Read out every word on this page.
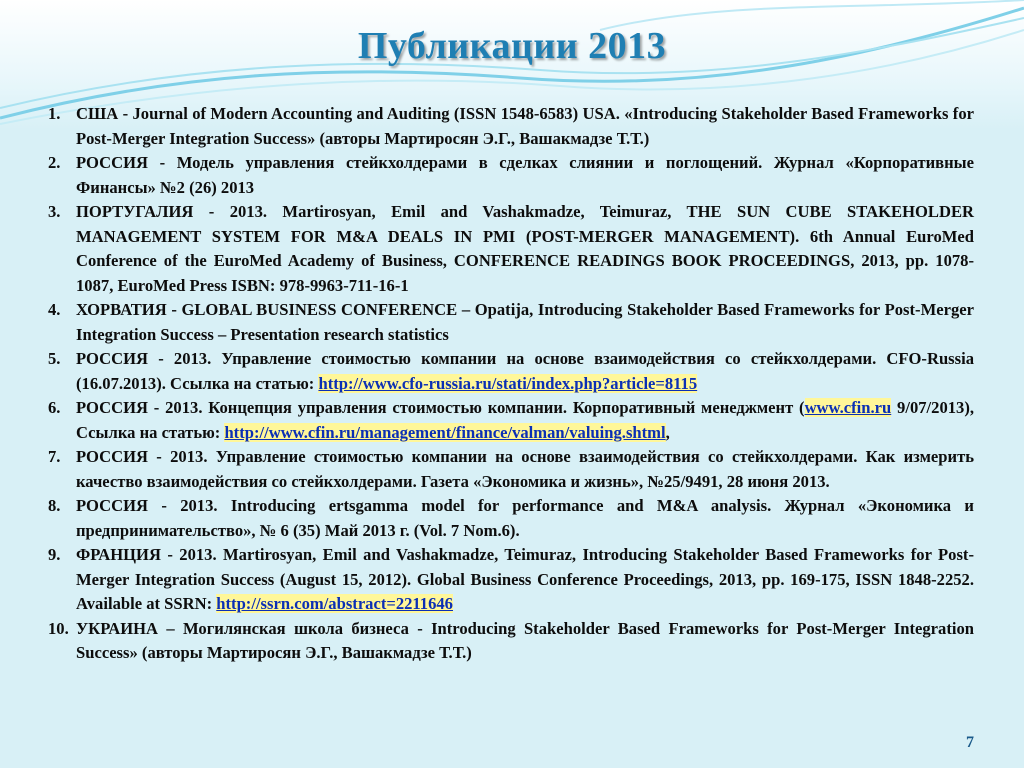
Публикации 2013
1. США - Journal of Modern Accounting and Auditing (ISSN 1548-6583) USA. «Introducing Stakeholder Based Frameworks for Post-Merger Integration Success» (авторы Мартиросян Э.Г., Вашакмадзе Т.Т.)
2. РОССИЯ - Модель управления стейкхолдерами в сделках слиянии и поглощений. Журнал «Корпоративные Финансы» №2 (26) 2013
3. ПОРТУГАЛИЯ - 2013. Martirosyan, Emil and Vashakmadze, Teimuraz, THE SUN CUBE STAKEHOLDER MANAGEMENT SYSTEM FOR M&A DEALS IN PMI (POST-MERGER MANAGEMENT). 6th Annual EuroMed Conference of the EuroMed Academy of Business, CONFERENCE READINGS BOOK PROCEEDINGS, 2013, pp. 1078-1087, EuroMed Press ISBN: 978-9963-711-16-1
4. ХОРВАТИЯ - GLOBAL BUSINESS CONFERENCE – Opatija, Introducing Stakeholder Based Frameworks for Post-Merger Integration Success – Presentation research statistics
5. РОССИЯ - 2013. Управление стоимостью компании на основе взаимодействия со стейкхолдерами. CFO-Russia (16.07.2013). Ссылка на статью: http://www.cfo-russia.ru/stati/index.php?article=8115
6. РОССИЯ - 2013. Концепция управления стоимостью компании. Корпоративный менеджмент (www.cfin.ru 9/07/2013), Ссылка на статью: http://www.cfin.ru/management/finance/valman/valuing.shtml,
7. РОССИЯ - 2013. Управление стоимостью компании на основе взаимодействия со стейкхолдерами. Как измерить качество взаимодействия со стейкхолдерами. Газета «Экономика и жизнь», №25/9491, 28 июня 2013.
8. РОССИЯ - 2013. Introducing ertsgamma model for performance and M&A analysis. Журнал «Экономика и предпринимательство», № 6 (35) Май 2013 г. (Vol. 7 Nom.6).
9. ФРАНЦИЯ - 2013. Martirosyan, Emil and Vashakmadze, Teimuraz, Introducing Stakeholder Based Frameworks for Post-Merger Integration Success (August 15, 2012). Global Business Conference Proceedings, 2013, pp. 169-175, ISSN 1848-2252. Available at SSRN: http://ssrn.com/abstract=2211646
10. УКРАИНА – Могилянская школа бизнеса - Introducing Stakeholder Based Frameworks for Post-Merger Integration Success» (авторы Мартиросян Э.Г., Вашакмадзе Т.Т.)
7
